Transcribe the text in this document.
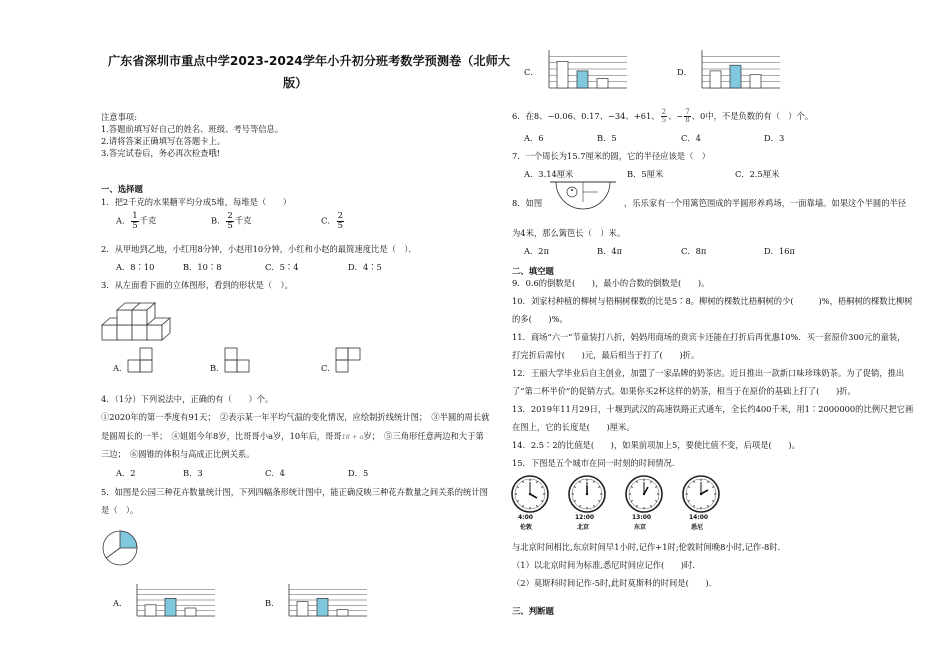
广东省深圳市重点中学2023-2024学年小升初分班考数学预测卷（北师大
版）
注意事项:
1.答题前填写好自己的姓名、班级、考号等信息。
2.请将答案正确填写在答题卡上。
3.答完试卷后，务必再次检查哦!
一、选择题
1．把2千克的水果糖平均分成5堆，每堆是（　　）
A． $\frac{1}{5}$ 千克	B． $\frac{2}{5}$ 千克	C． $\frac{2}{5}$
2．从甲地到乙地，小红用8分钟，小赵用10分钟，小红和小赵的最简速度比是（　）．
A．8∶10	B．10∶8	C．5∶4	D．4∶5
3．从左面看下面的立体图形，看到的形状是（　）。
A．	B．	C．
4．（1分）下列说法中，正确的有（　　）个。
①2020年的第一季度有91天；　②表示某一年平均气温的变化情况，应绘制折线统计图；　③半圆的周长就
是圆周长的一半；　④姐姐今年8岁，比哥哥小a岁，10年后，哥哥18 + a岁；　⑤三角形任意两边和大于第
三边；　⑥圆锥的体积与高成正比例关系。
A．2	B．3	C．4	D．5
5．如图是公园三种花卉数量统计图，下列四幅条形统计图中，能正确反映三种花卉数量之间关系的统计图
是（　）。
A．	B．
C．	D．
6．在8、−0.06、0.17、−34、+61、 $\frac{2}{5}$ 、− $\frac{7}{8}$ 、0中，不是负数的有（　）个。
A．6	B．5	C．4	D．3
7．一个周长为15.7厘米的圆，它的半径应该是（　）
A．3.14厘米	B．5厘米	C．2.5厘米
8．如图	，乐乐家有一个用篱笆围成的半圆形养鸡场，一面靠墙。如果这个半圆的半径
为4米，那么篱笆长（　）米。
A．2π	B．4π	C．8π	D．16π
二、填空题
9．0.6的倒数是(　　)，最小的合数的倒数是(　　)。
10．刘家村种植的柳树与梧桐树棵数的比是5∶8。柳树的棵数比梧桐树的少(　　　)%，梧桐树的棵数比柳树
的多(　　)%。
11．商场“六一”节童装打八折，妈妈用商场的贵宾卡还能在打折后再优惠10%．买一套原价300元的童装，
打完折后需付(　　)元，最后相当于打了(　　)折。
12．王丽大学毕业后自主创业，加盟了一家品牌的奶茶店。近日推出一款新口味珍珠奶茶。为了促销，推出
了“第二杯半价”的促销方式。如果你买2杯这样的奶茶，相当于在原价的基础上打了(　　)折。
13．2019年11月29日，十堰到武汉的高速铁路正式通车，全长约400千米，用1∶2000000的比例尺把它画
在图上，它的长度是(　　)厘米。
14．2.5∶2的比值是(　　)，如果前项加上5，要使比值不变，后项是(　　)。
15．下图是五个城市在同一时刻的时间情况.
4:00
伦敦
12:00
北京
13:00
东京
14:00
悉尼
与北京时间相比,东京时间早1小时,记作+1时;伦敦时间晚8小时,记作-8时.
（1）以北京时间为标准,悉尼时间应记作(　　)时.
（2）莫斯科时间记作-5时,此时莫斯科的时间是(　　).
三、判断题
